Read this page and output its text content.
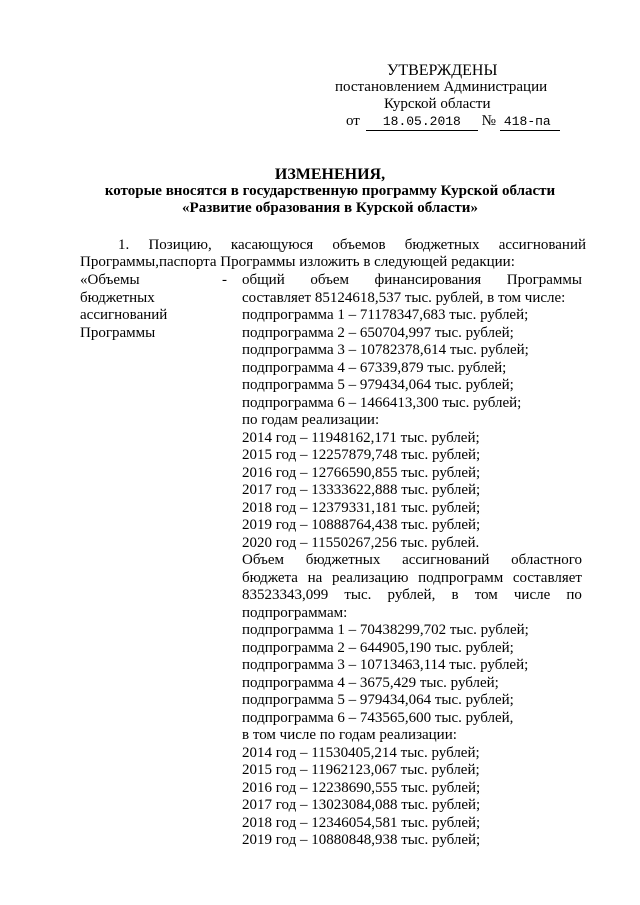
УТВЕРЖДЕНЫ
постановлением Администрации
Курской области
от 18.05.2018 № 418-па
ИЗМЕНЕНИЯ,
которые вносятся в государственную программу Курской области
«Развитие образования в Курской области»
1. Позицию, касающуюся объемов бюджетных ассигнований
Программы,паспорта Программы изложить в следующей редакции:
«Объемы
бюджетных
ассигнований
Программы
- общий объем финансирования Программы
составляет 85124618,537 тыс. рублей, в том числе:
подпрограмма 1 – 71178347,683 тыс. рублей;
подпрограмма 2 – 650704,997 тыс. рублей;
подпрограмма 3 – 10782378,614 тыс. рублей;
подпрограмма 4 – 67339,879 тыс. рублей;
подпрограмма 5 – 979434,064 тыс. рублей;
подпрограмма 6 – 1466413,300 тыс. рублей;
по годам реализации:
2014 год – 11948162,171 тыс. рублей;
2015 год – 12257879,748 тыс. рублей;
2016 год – 12766590,855 тыс. рублей;
2017 год – 13333622,888 тыс. рублей;
2018 год – 12379331,181 тыс. рублей;
2019 год – 10888764,438 тыс. рублей;
2020 год – 11550267,256 тыс. рублей.
Объем бюджетных ассигнований областного
бюджета на реализацию подпрограмм составляет
83523343,099 тыс. рублей, в том числе по
подпрограммам:
подпрограмма 1 – 70438299,702 тыс. рублей;
подпрограмма 2 – 644905,190 тыс. рублей;
подпрограмма 3 – 10713463,114 тыс. рублей;
подпрограмма 4 – 3675,429 тыс. рублей;
подпрограмма 5 – 979434,064 тыс. рублей;
подпрограмма 6 – 743565,600 тыс. рублей,
в том числе по годам реализации:
2014 год – 11530405,214 тыс. рублей;
2015 год – 11962123,067 тыс. рублей;
2016 год – 12238690,555 тыс. рублей;
2017 год – 13023084,088 тыс. рублей;
2018 год – 12346054,581 тыс. рублей;
2019 год – 10880848,938 тыс. рублей;
